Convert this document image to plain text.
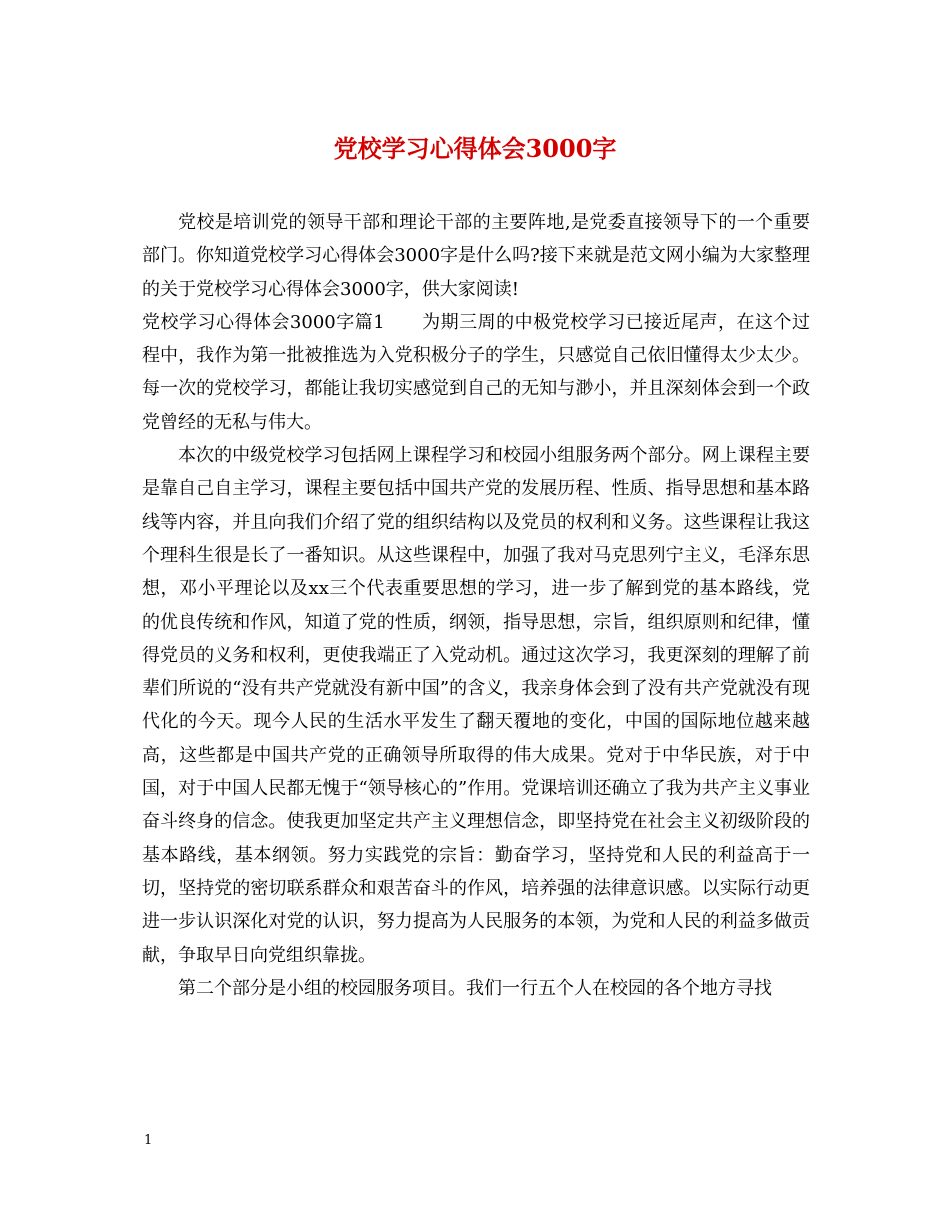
党校学习心得体会3000字

党校是培训党的领导干部和理论干部的主要阵地,是党委直接领导下的一个重要部门。你知道党校学习心得体会3000字是什么吗?接下来就是范文网小编为大家整理的关于党校学习心得体会3000字，供大家阅读!

党校学习心得体会3000字篇1　　为期三周的中极党校学习已接近尾声，在这个过程中，我作为第一批被推选为入党积极分子的学生，只感觉自己依旧懂得太少太少。每一次的党校学习，都能让我切实感觉到自己的无知与渺小，并且深刻体会到一个政党曾经的无私与伟大。

本次的中级党校学习包括网上课程学习和校园小组服务两个部分。网上课程主要是靠自己自主学习，课程主要包括中国共产党的发展历程、性质、指导思想和基本路线等内容，并且向我们介绍了党的组织结构以及党员的权利和义务。这些课程让我这个理科生很是长了一番知识。从这些课程中，加强了我对马克思列宁主义，毛泽东思想，邓小平理论以及xx三个代表重要思想的学习，进一步了解到党的基本路线，党的优良传统和作风，知道了党的性质，纲领，指导思想，宗旨，组织原则和纪律，懂得党员的义务和权利，更使我端正了入党动机。通过这次学习，我更深刻的理解了前辈们所说的“没有共产党就没有新中国”的含义，我亲身体会到了没有共产党就没有现代化的今天。现今人民的生活水平发生了翻天覆地的变化，中国的国际地位越来越高，这些都是中国共产党的正确领导所取得的伟大成果。党对于中华民族，对于中国，对于中国人民都无愧于“领导核心的”作用。党课培训还确立了我为共产主义事业奋斗终身的信念。使我更加坚定共产主义理想信念，即坚持党在社会主义初级阶段的基本路线，基本纲领。努力实践党的宗旨：勤奋学习，坚持党和人民的利益高于一切，坚持党的密切联系群众和艰苦奋斗的作风，培养强的法律意识感。以实际行动更进一步认识深化对党的认识，努力提高为人民服务的本领，为党和人民的利益多做贡献，争取早日向党组织靠拢。

第二个部分是小组的校园服务项目。我们一行五个人在校园的各个地方寻找

1
